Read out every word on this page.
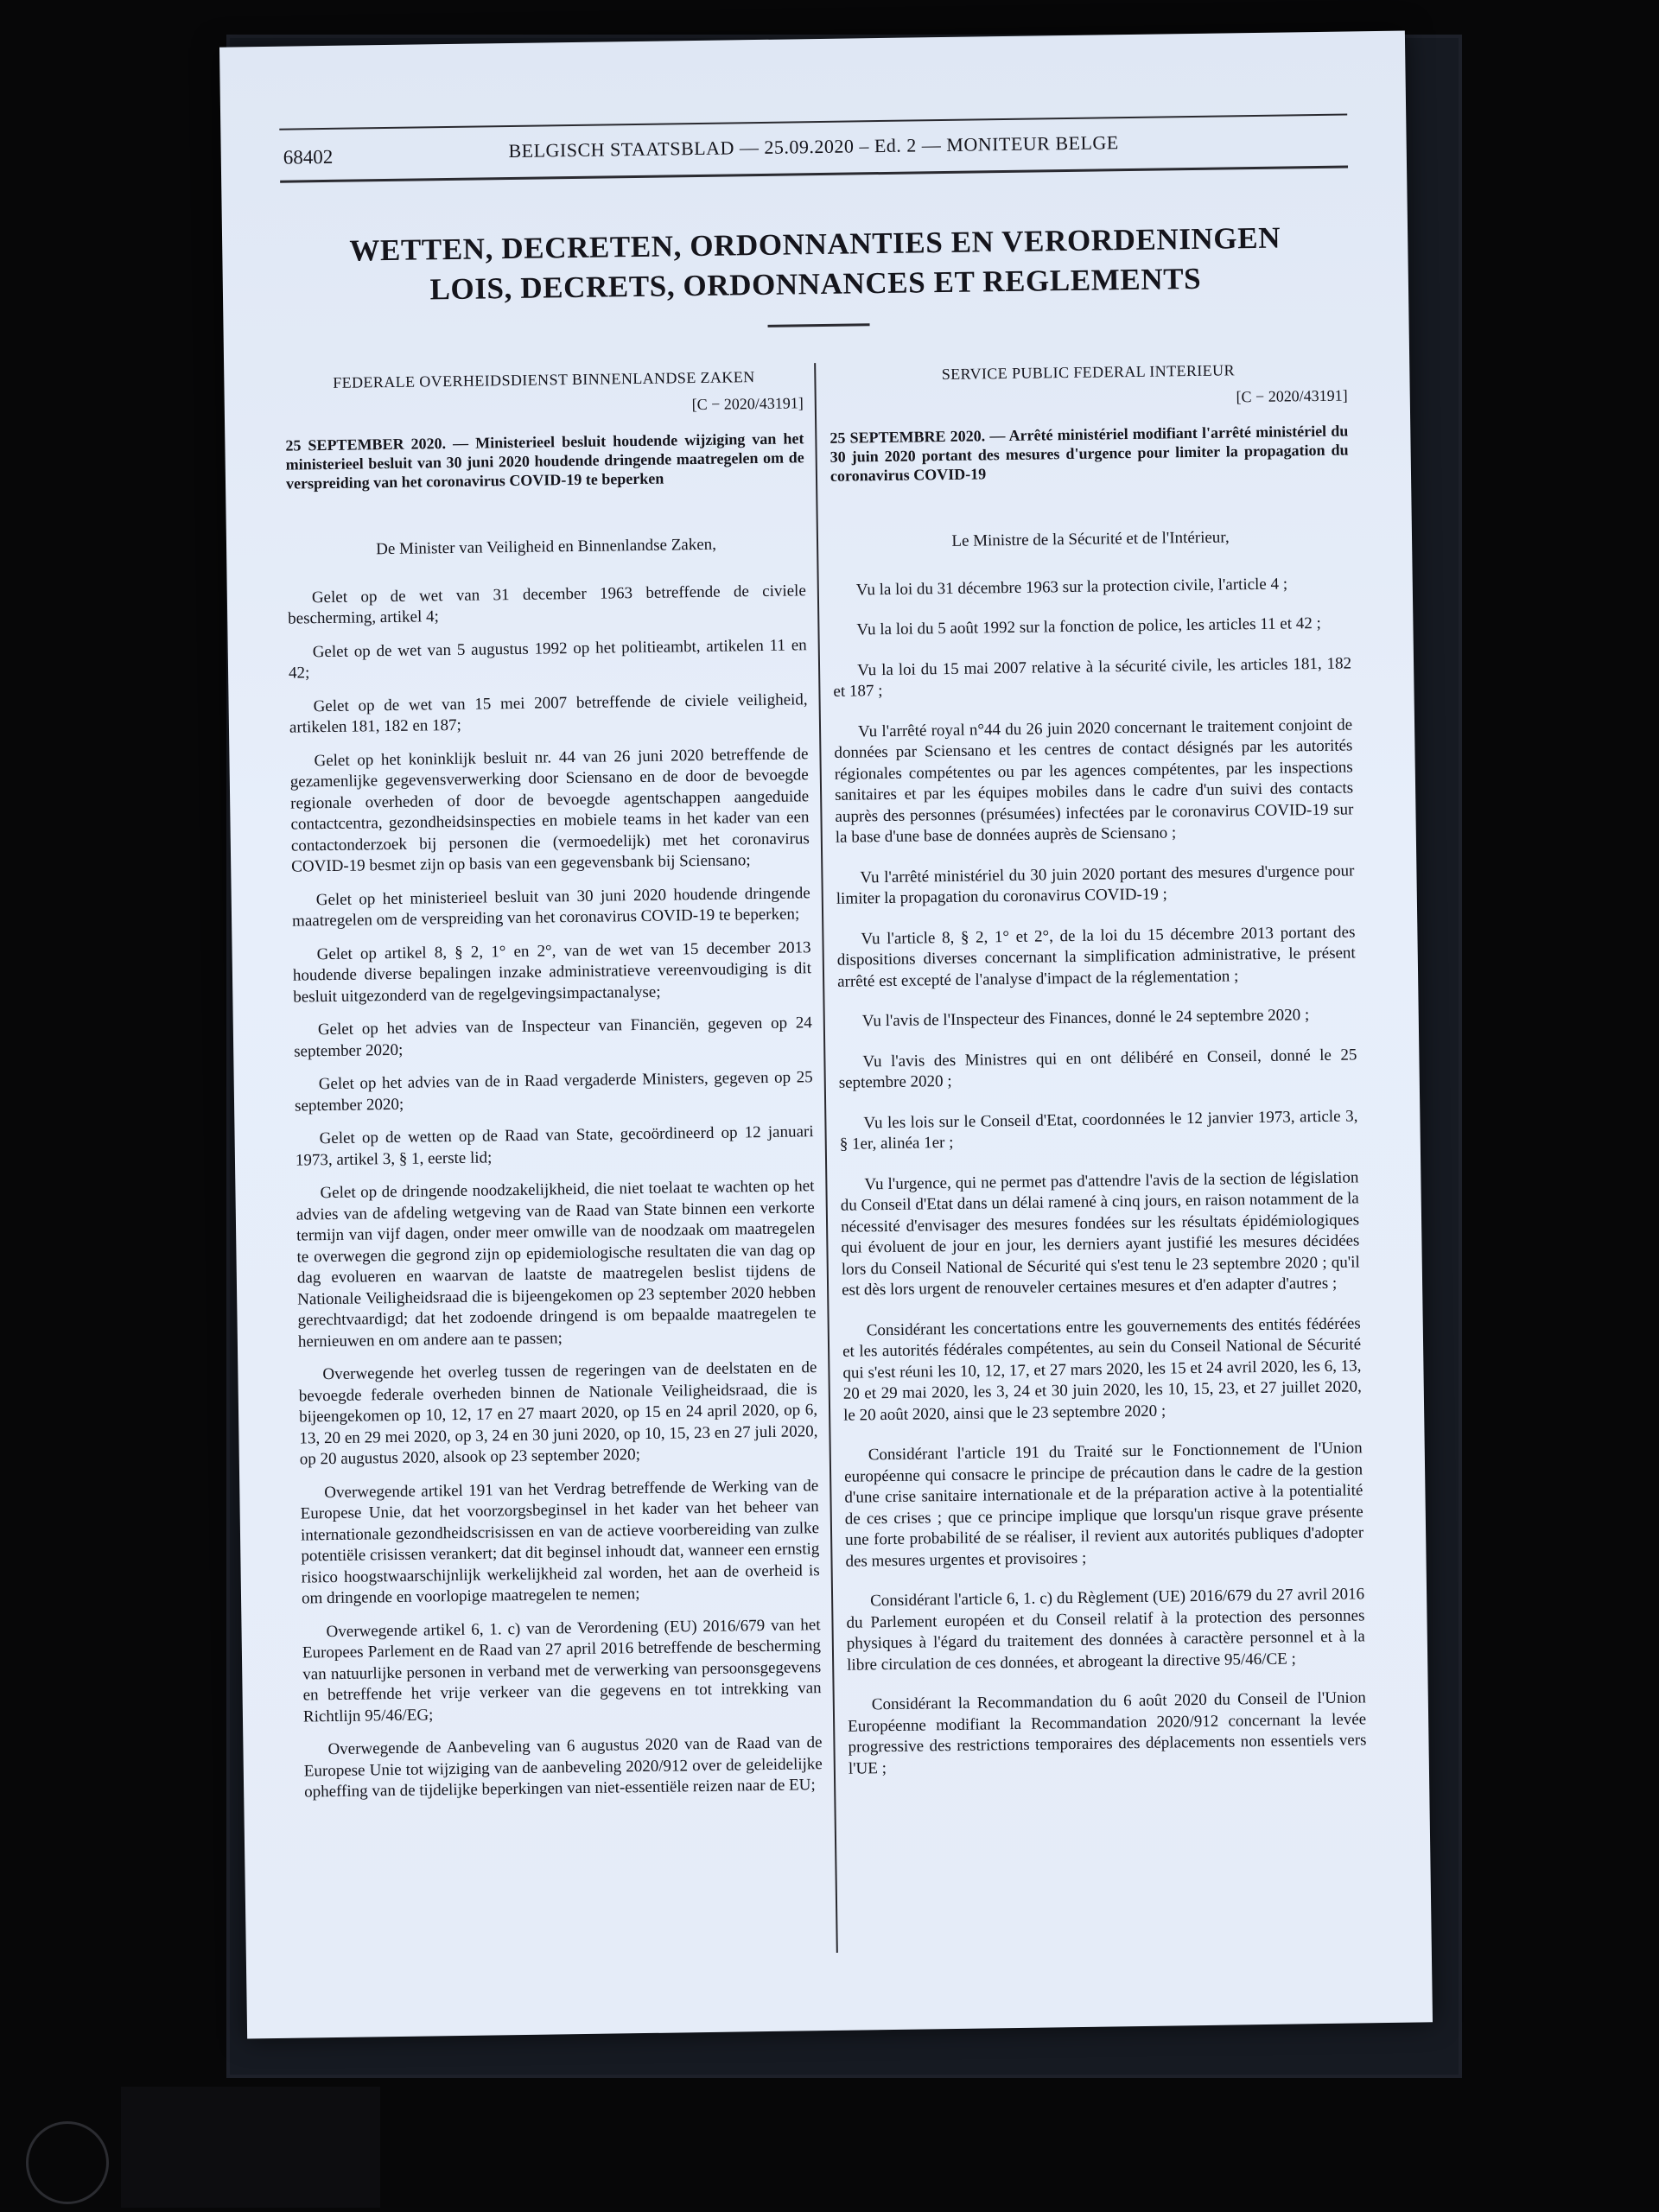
68402	BELGISCH STAATSBLAD — 25.09.2020 – Ed. 2 — MONITEUR BELGE
WETTEN, DECRETEN, ORDONNANTIES EN VERORDENINGEN
LOIS, DECRETS, ORDONNANCES ET REGLEMENTS
FEDERALE OVERHEIDSDIENST BINNENLANDSE ZAKEN
[C − 2020/43191]
25 SEPTEMBER 2020. — Ministerieel besluit houdende wijziging van het ministerieel besluit van 30 juni 2020 houdende dringende maatregelen om de verspreiding van het coronavirus COVID-19 te beperken
De Minister van Veiligheid en Binnenlandse Zaken,

Gelet op de wet van 31 december 1963 betreffende de civiele bescherming, artikel 4;

Gelet op de wet van 5 augustus 1992 op het politieambt, artikelen 11 en 42;

Gelet op de wet van 15 mei 2007 betreffende de civiele veiligheid, artikelen 181, 182 en 187;

Gelet op het koninklijk besluit nr. 44 van 26 juni 2020 betreffende de gezamenlijke gegevensverwerking door Sciensano en de door de bevoegde regionale overheden of door de bevoegde agentschappen aangeduide contactcentra, gezondheidsinspecties en mobiele teams in het kader van een contactonderzoek bij personen die (vermoedelijk) met het coronavirus COVID-19 besmet zijn op basis van een gegevensbank bij Sciensano;

Gelet op het ministerieel besluit van 30 juni 2020 houdende dringende maatregelen om de verspreiding van het coronavirus COVID-19 te beperken;

Gelet op artikel 8, § 2, 1° en 2°, van de wet van 15 december 2013 houdende diverse bepalingen inzake administratieve vereenvoudiging is dit besluit uitgezonderd van de regelgevingsimpactanalyse;

Gelet op het advies van de Inspecteur van Financiën, gegeven op 24 september 2020;

Gelet op het advies van de in Raad vergaderde Ministers, gegeven op 25 september 2020;

Gelet op de wetten op de Raad van State, gecoördineerd op 12 januari 1973, artikel 3, § 1, eerste lid;

Gelet op de dringende noodzakelijkheid, die niet toelaat te wachten op het advies van de afdeling wetgeving van de Raad van State binnen een verkorte termijn van vijf dagen, onder meer omwille van de noodzaak om maatregelen te overwegen die gegrond zijn op epidemiologische resultaten die van dag op dag evolueren en waarvan de laatste de maatregelen beslist tijdens de Nationale Veiligheidsraad die is bijeengekomen op 23 september 2020 hebben gerechtvaardigd; dat het zodoende dringend is om bepaalde maatregelen te hernieuwen en om andere aan te passen;

Overwegende het overleg tussen de regeringen van de deelstaten en de bevoegde federale overheden binnen de Nationale Veiligheidsraad, die is bijeengekomen op 10, 12, 17 en 27 maart 2020, op 15 en 24 april 2020, op 6, 13, 20 en 29 mei 2020, op 3, 24 en 30 juni 2020, op 10, 15, 23 en 27 juli 2020, op 20 augustus 2020, alsook op 23 september 2020;

Overwegende artikel 191 van het Verdrag betreffende de Werking van de Europese Unie, dat het voorzorgsbeginsel in het kader van het beheer van internationale gezondheidscrisissen en van de actieve voorbereiding van zulke potentiële crisissen verankert; dat dit beginsel inhoudt dat, wanneer een ernstig risico hoogstwaarschijnlijk werkelijkheid zal worden, het aan de overheid is om dringende en voorlopige maatregelen te nemen;

Overwegende artikel 6, 1. c) van de Verordening (EU) 2016/679 van het Europees Parlement en de Raad van 27 april 2016 betreffende de bescherming van natuurlijke personen in verband met de verwerking van persoonsgegevens en betreffende het vrije verkeer van die gegevens en tot intrekking van Richtlijn 95/46/EG;

Overwegende de Aanbeveling van 6 augustus 2020 van de Raad van de Europese Unie tot wijziging van de aanbeveling 2020/912 over de geleidelijke opheffing van de tijdelijke beperkingen van niet-essentiële reizen naar de EU;

SERVICE PUBLIC FEDERAL INTERIEUR
[C − 2020/43191]
25 SEPTEMBRE 2020. — Arrêté ministériel modifiant l'arrêté ministériel du 30 juin 2020 portant des mesures d'urgence pour limiter la propagation du coronavirus COVID-19
Le Ministre de la Sécurité et de l'Intérieur,

Vu la loi du 31 décembre 1963 sur la protection civile, l'article 4 ;

Vu la loi du 5 août 1992 sur la fonction de police, les articles 11 et 42 ;

Vu la loi du 15 mai 2007 relative à la sécurité civile, les articles 181, 182 et 187 ;

Vu l'arrêté royal n°44 du 26 juin 2020 concernant le traitement conjoint de données par Sciensano et les centres de contact désignés par les autorités régionales compétentes ou par les agences compétentes, par les inspections sanitaires et par les équipes mobiles dans le cadre d'un suivi des contacts auprès des personnes (présumées) infectées par le coronavirus COVID-19 sur la base d'une base de données auprès de Sciensano ;

Vu l'arrêté ministériel du 30 juin 2020 portant des mesures d'urgence pour limiter la propagation du coronavirus COVID-19 ;

Vu l'article 8, § 2, 1° et 2°, de la loi du 15 décembre 2013 portant des dispositions diverses concernant la simplification administrative, le présent arrêté est excepté de l'analyse d'impact de la réglementation ;

Vu l'avis de l'Inspecteur des Finances, donné le 24 septembre 2020 ;

Vu l'avis des Ministres qui en ont délibéré en Conseil, donné le 25 septembre 2020 ;

Vu les lois sur le Conseil d'Etat, coordonnées le 12 janvier 1973, article 3, § 1er, alinéa 1er ;

Vu l'urgence, qui ne permet pas d'attendre l'avis de la section de législation du Conseil d'Etat dans un délai ramené à cinq jours, en raison notamment de la nécessité d'envisager des mesures fondées sur les résultats épidémiologiques qui évoluent de jour en jour, les derniers ayant justifié les mesures décidées lors du Conseil National de Sécurité qui s'est tenu le 23 septembre 2020 ; qu'il est dès lors urgent de renouveler certaines mesures et d'en adapter d'autres ;

Considérant les concertations entre les gouvernements des entités fédérées et les autorités fédérales compétentes, au sein du Conseil National de Sécurité qui s'est réuni les 10, 12, 17, et 27 mars 2020, les 15 et 24 avril 2020, les 6, 13, 20 et 29 mai 2020, les 3, 24 et 30 juin 2020, les 10, 15, 23, et 27 juillet 2020, le 20 août 2020, ainsi que le 23 septembre 2020 ;

Considérant l'article 191 du Traité sur le Fonctionnement de l'Union européenne qui consacre le principe de précaution dans le cadre de la gestion d'une crise sanitaire internationale et de la préparation active à la potentialité de ces crises ; que ce principe implique que lorsqu'un risque grave présente une forte probabilité de se réaliser, il revient aux autorités publiques d'adopter des mesures urgentes et provisoires ;

Considérant l'article 6, 1. c) du Règlement (UE) 2016/679 du 27 avril 2016 du Parlement européen et du Conseil relatif à la protection des personnes physiques à l'égard du traitement des données à caractère personnel et à la libre circulation de ces données, et abrogeant la directive 95/46/CE ;

Considérant la Recommandation du 6 août 2020 du Conseil de l'Union Européenne modifiant la Recommandation 2020/912 concernant la levée progressive des restrictions temporaires des déplacements non essentiels vers l'UE ;
